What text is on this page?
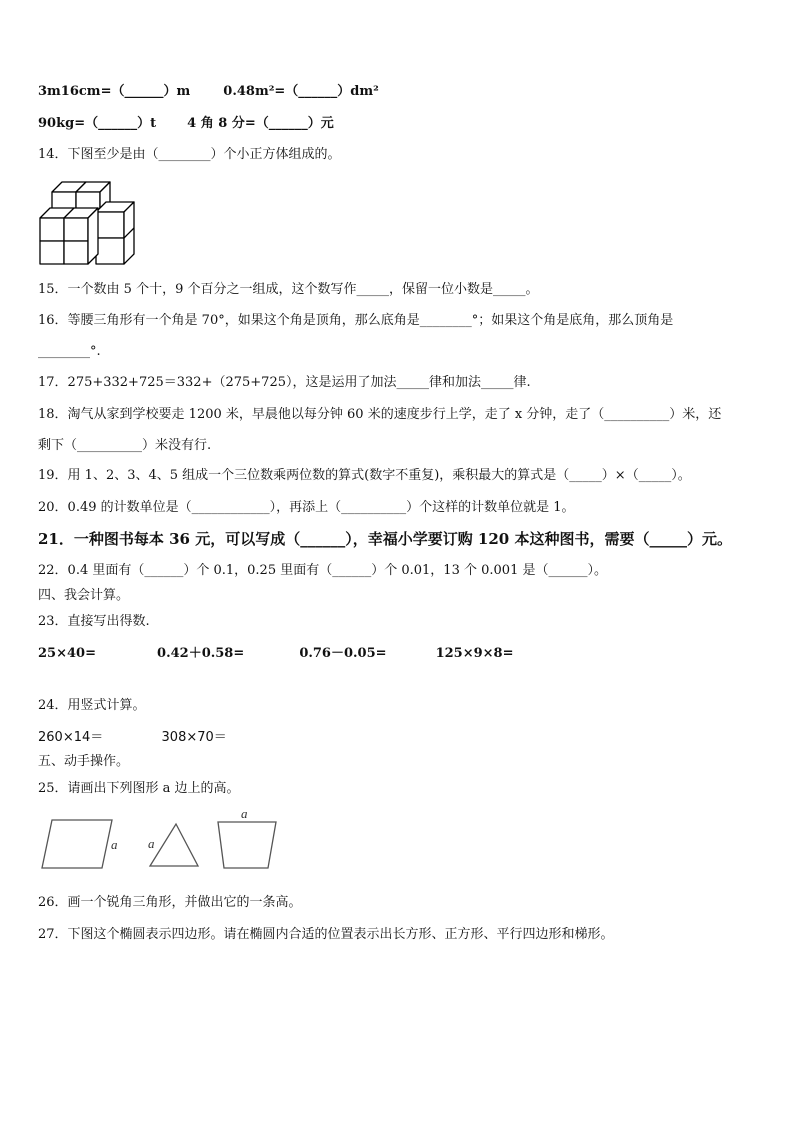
3m16cm=（______）m	0.48m²=（______）dm²
90kg=（______）t 4 角 8 分=（______）元
14．下图至少是由（________）个小正方体组成的。
15．一个数由 5 个十，9 个百分之一组成，这个数写作_____，保留一位小数是_____。
16．等腰三角形有一个角是 70°，如果这个角是顶角，那么底角是________°；如果这个角是底角，那么顶角是
________°.
17．275+332+725＝332+（275+725），这是运用了加法_____律和加法_____律.
18．淘气从家到学校要走 1200 米，早晨他以每分钟 60 米的速度步行上学，走了 x 分钟，走了（__________）米，还
剩下（__________）米没有行.
19．用 1、2、3、4、5 组成一个三位数乘两位数的算式(数字不重复)，乘积最大的算式是（_____）×（_____）。
20．0.49 的计数单位是（____________），再添上（__________）个这样的计数单位就是 1。
21．一种图书每本 36 元，可以写成（______），幸福小学要订购 120 本这种图书，需要（_____）元。
22．0.4 里面有（______）个 0.1，0.25 里面有（______）个 0.01，13 个 0.001 是（______）。
四、我会计算。
23．直接写出得数.
25×40=	0.42＋0.58=	0.76－0.05=	125×9×8=
24．用竖式计算。
260×14＝	308×70＝
五、动手操作。
25．请画出下列图形 a 边上的高。
a a
a
26．画一个锐角三角形，并做出它的一条高。
27．下图这个椭圆表示四边形。请在椭圆内合适的位置表示出长方形、正方形、平行四边形和梯形。
